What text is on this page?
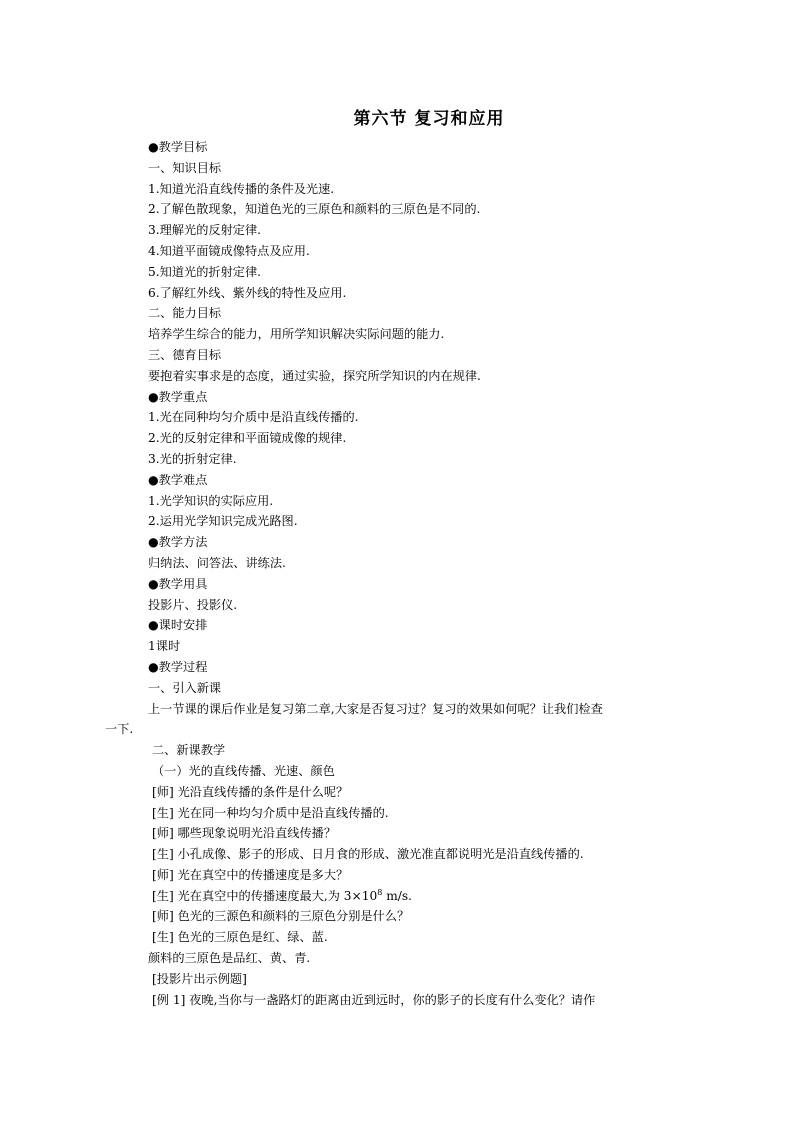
第六节 复习和应用
●教学目标
一、知识目标
1.知道光沿直线传播的条件及光速.
2.了解色散现象，知道色光的三原色和颜料的三原色是不同的.
3.理解光的反射定律.
4.知道平面镜成像特点及应用.
5.知道光的折射定律.
6.了解红外线、紫外线的特性及应用.
二、能力目标
培养学生综合的能力，用所学知识解决实际问题的能力.
三、德育目标
要抱着实事求是的态度，通过实验，探究所学知识的内在规律.
●教学重点
1.光在同种均匀介质中是沿直线传播的.
2.光的反射定律和平面镜成像的规律.
3.光的折射定律.
●教学难点
1.光学知识的实际应用.
2.运用光学知识完成光路图.
●教学方法
归纳法、问答法、讲练法.
●教学用具
投影片、投影仪.
●课时安排
1课时
●教学过程
一、引入新课
上一节课的课后作业是复习第二章,大家是否复习过？复习的效果如何呢？让我们检查
一下.
二、新课教学
（一）光的直线传播、光速、颜色
[师] 光沿直线传播的条件是什么呢？
[生] 光在同一种均匀介质中是沿直线传播的.
[师] 哪些现象说明光沿直线传播？
[生] 小孔成像、影子的形成、日月食的形成、激光准直都说明光是沿直线传播的.
[师] 光在真空中的传播速度是多大？
[生] 光在真空中的传播速度最大,为 $3\times 10^8$ m/s.
[师] 色光的三源色和颜料的三原色分别是什么？
[生] 色光的三原色是红、绿、蓝.
颜料的三原色是品红、黄、青.
[投影片出示例题]
[例 1] 夜晚,当你与一盏路灯的距离由近到远时，你的影子的长度有什么变化？请作
